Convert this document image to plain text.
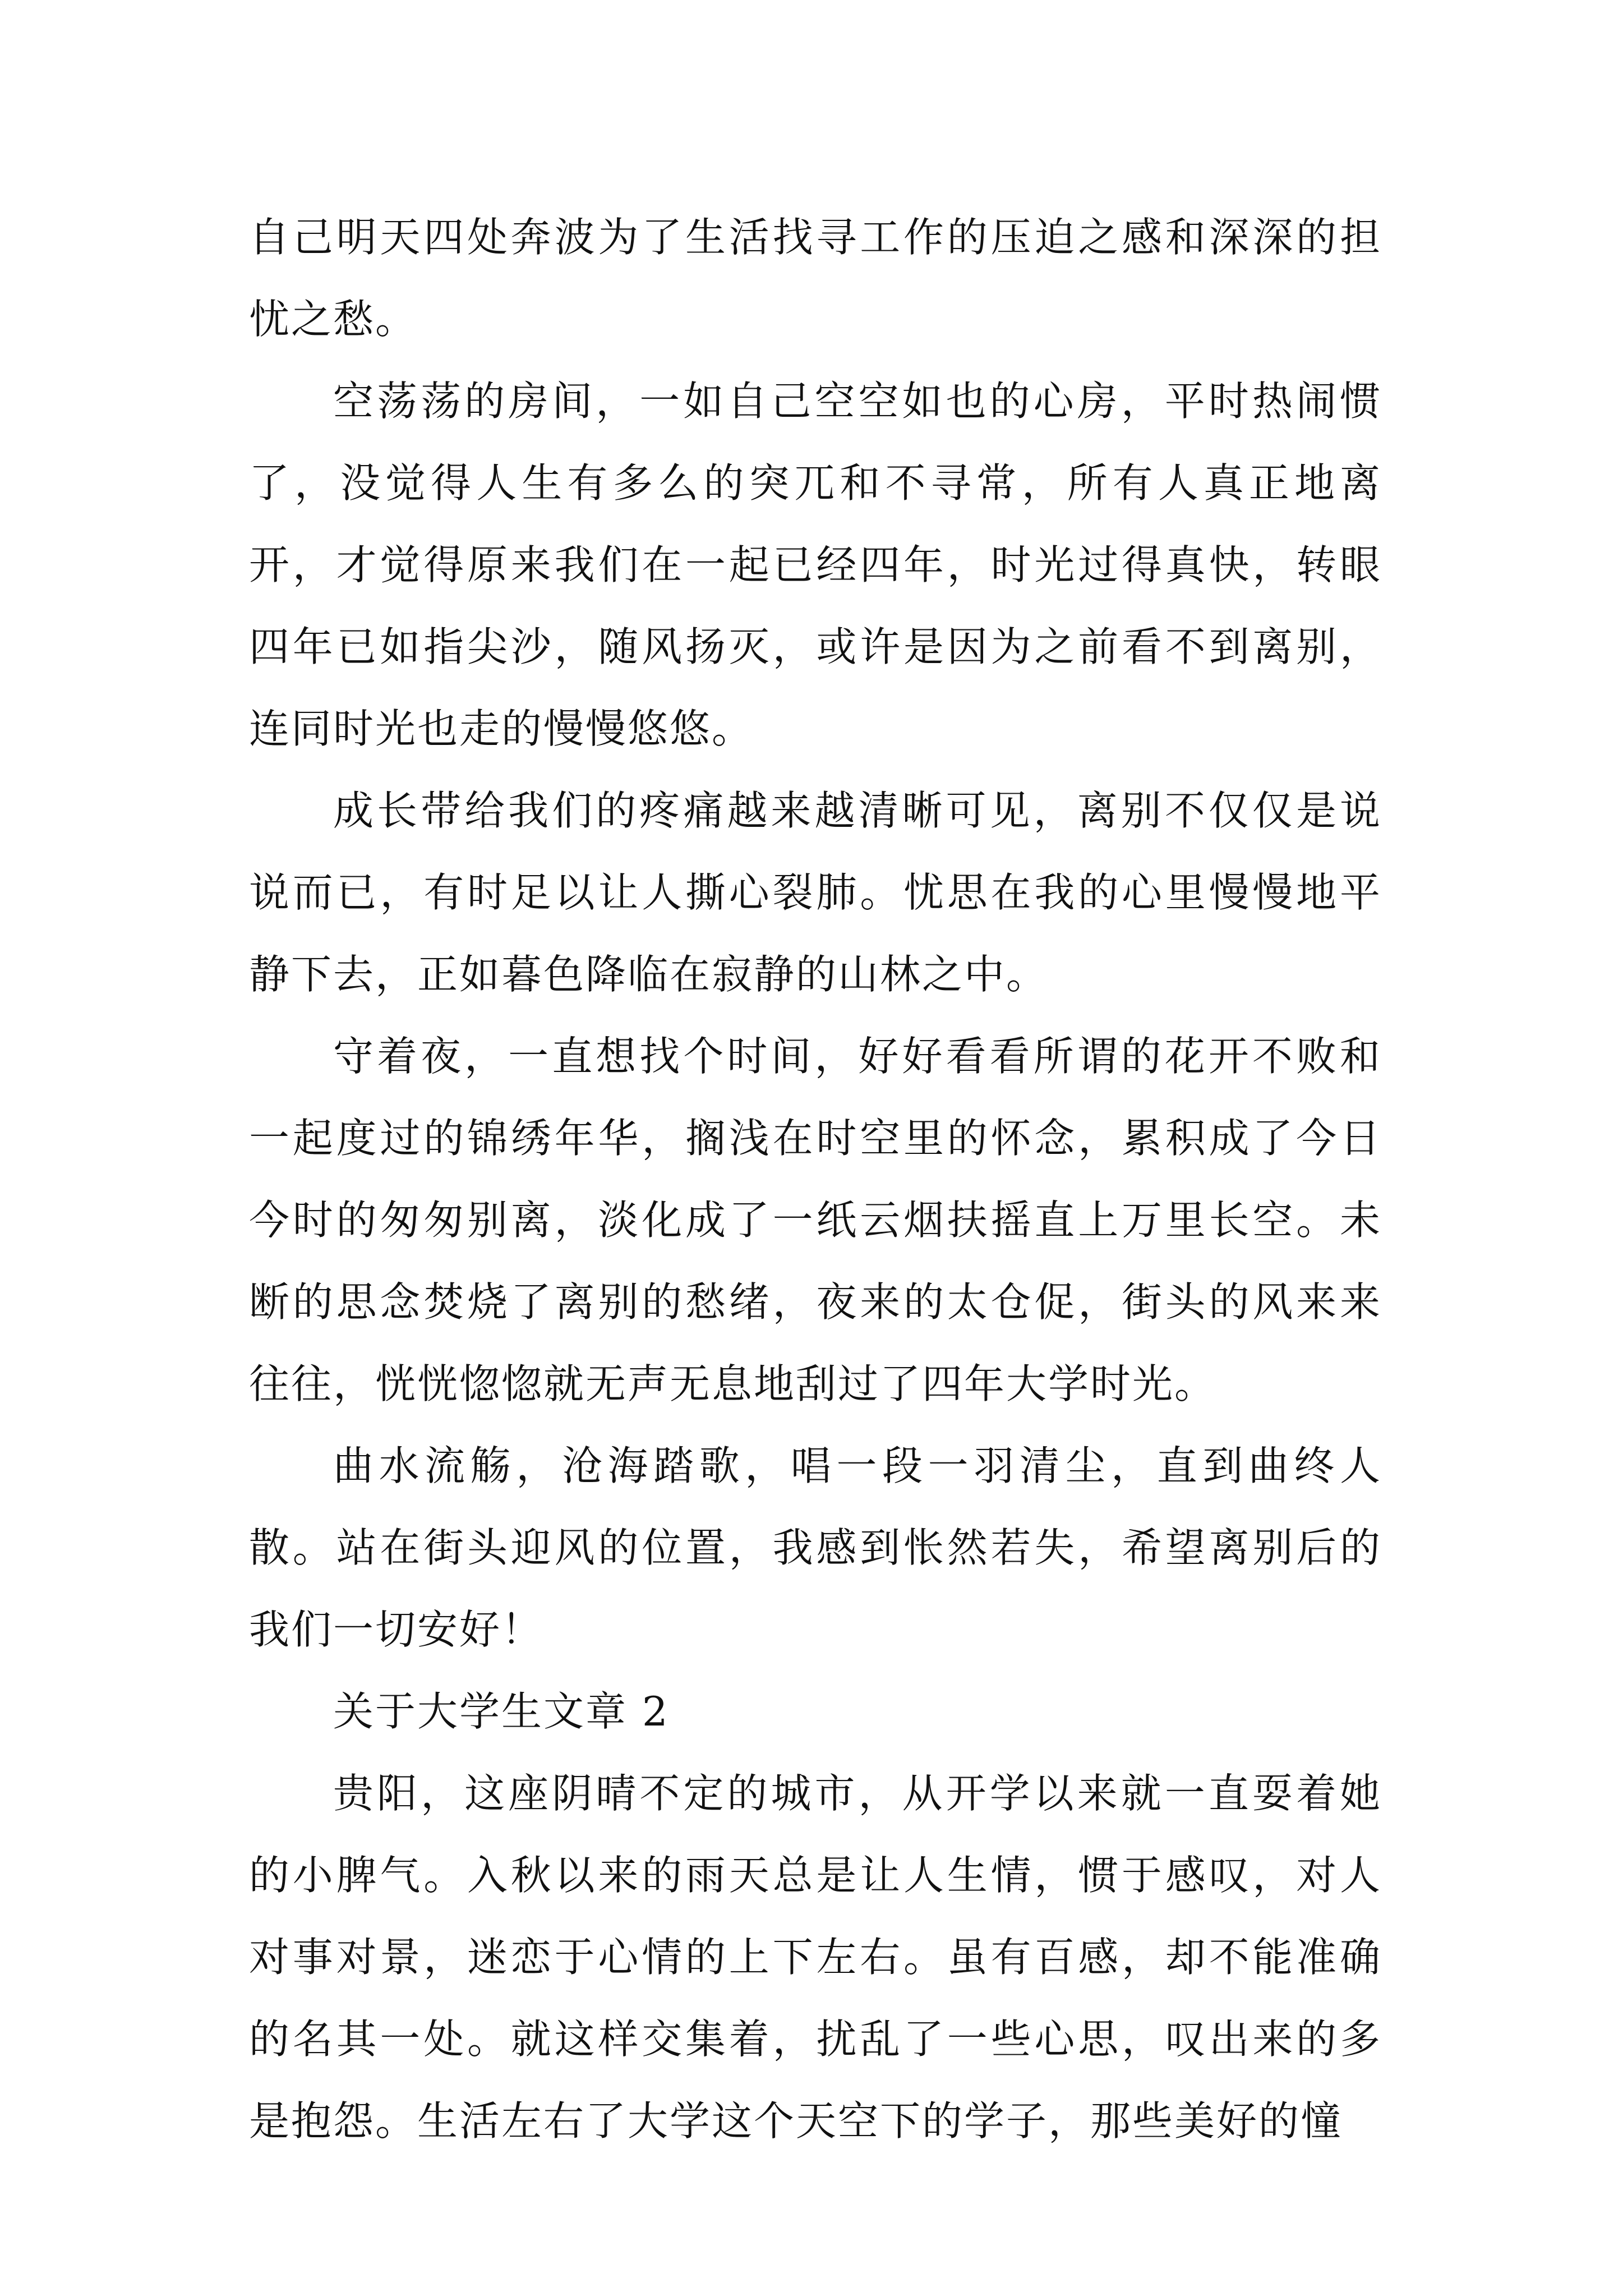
自己明天四处奔波为了生活找寻工作的压迫之感和深深的担忧之愁。

空荡荡的房间，一如自己空空如也的心房，平时热闹惯了，没觉得人生有多么的突兀和不寻常，所有人真正地离开，才觉得原来我们在一起已经四年，时光过得真快，转眼四年已如指尖沙，随风扬灭，或许是因为之前看不到离别，连同时光也走的慢慢悠悠。

成长带给我们的疼痛越来越清晰可见，离别不仅仅是说说而已，有时足以让人撕心裂肺。忧思在我的心里慢慢地平静下去，正如暮色降临在寂静的山林之中。

守着夜，一直想找个时间，好好看看所谓的花开不败和一起度过的锦绣年华，搁浅在时空里的怀念，累积成了今日今时的匆匆别离，淡化成了一纸云烟扶摇直上万里长空。未断的思念焚烧了离别的愁绪，夜来的太仓促，街头的风来来往往，恍恍惚惚就无声无息地刮过了四年大学时光。

曲水流觞，沧海踏歌，唱一段一羽清尘，直到曲终人散。站在街头迎风的位置，我感到怅然若失，希望离别后的我们一切安好！

关于大学生文章 2

贵阳，这座阴晴不定的城市，从开学以来就一直耍着她的小脾气。入秋以来的雨天总是让人生情，惯于感叹，对人对事对景，迷恋于心情的上下左右。虽有百感，却不能准确的名其一处。就这样交集着，扰乱了一些心思，叹出来的多是抱怨。生活左右了大学这个天空下的学子，那些美好的憧
